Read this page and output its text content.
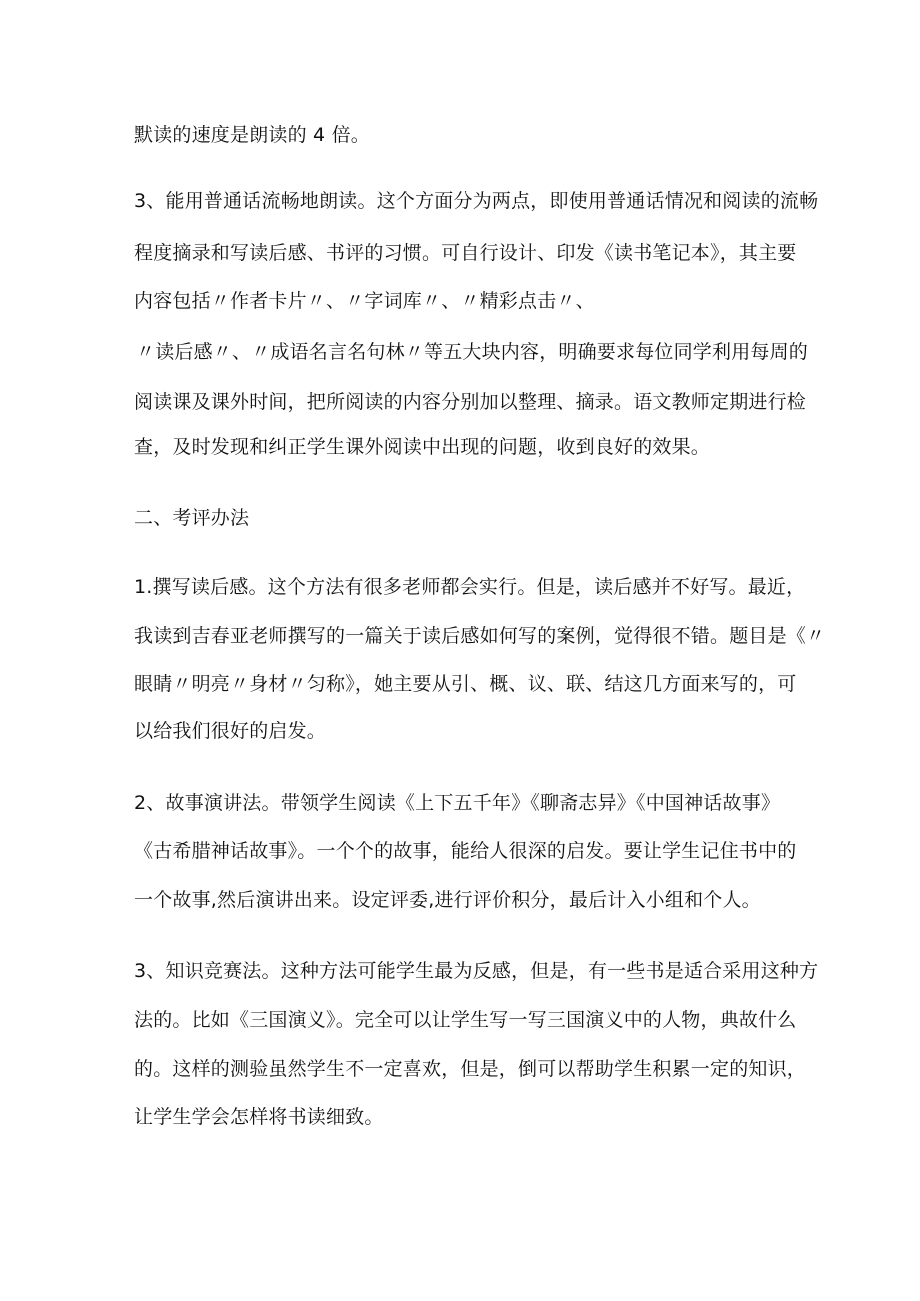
默读的速度是朗读的 4 倍。
3、能用普通话流畅地朗读。这个方面分为两点，即使用普通话情况和阅读的流畅
程度摘录和写读后感、书评的习惯。可自行设计、印发《读书笔记本》，其主要
内容包括〃作者卡片〃、〃字词库〃、〃精彩点击〃、
〃读后感〃、〃成语名言名句林〃等五大块内容，明确要求每位同学利用每周的
阅读课及课外时间，把所阅读的内容分别加以整理、摘录。语文教师定期进行检
查，及时发现和纠正学生课外阅读中出现的问题，收到良好的效果。
二、考评办法
1.撰写读后感。这个方法有很多老师都会实行。但是，读后感并不好写。最近，
我读到吉春亚老师撰写的一篇关于读后感如何写的案例，觉得很不错。题目是《〃
眼睛〃明亮〃身材〃匀称》，她主要从引、概、议、联、结这几方面来写的，可
以给我们很好的启发。
2、故事演讲法。带领学生阅读《上下五千年》《聊斋志异》《中国神话故事》
《古希腊神话故事》。一个个的故事，能给人很深的启发。要让学生记住书中的
一个故事,然后演讲出来。设定评委,进行评价积分，最后计入小组和个人。
3、知识竞赛法。这种方法可能学生最为反感，但是，有一些书是适合采用这种方
法的。比如《三国演义》。完全可以让学生写一写三国演义中的人物，典故什么
的。这样的测验虽然学生不一定喜欢，但是，倒可以帮助学生积累一定的知识，
让学生学会怎样将书读细致。
